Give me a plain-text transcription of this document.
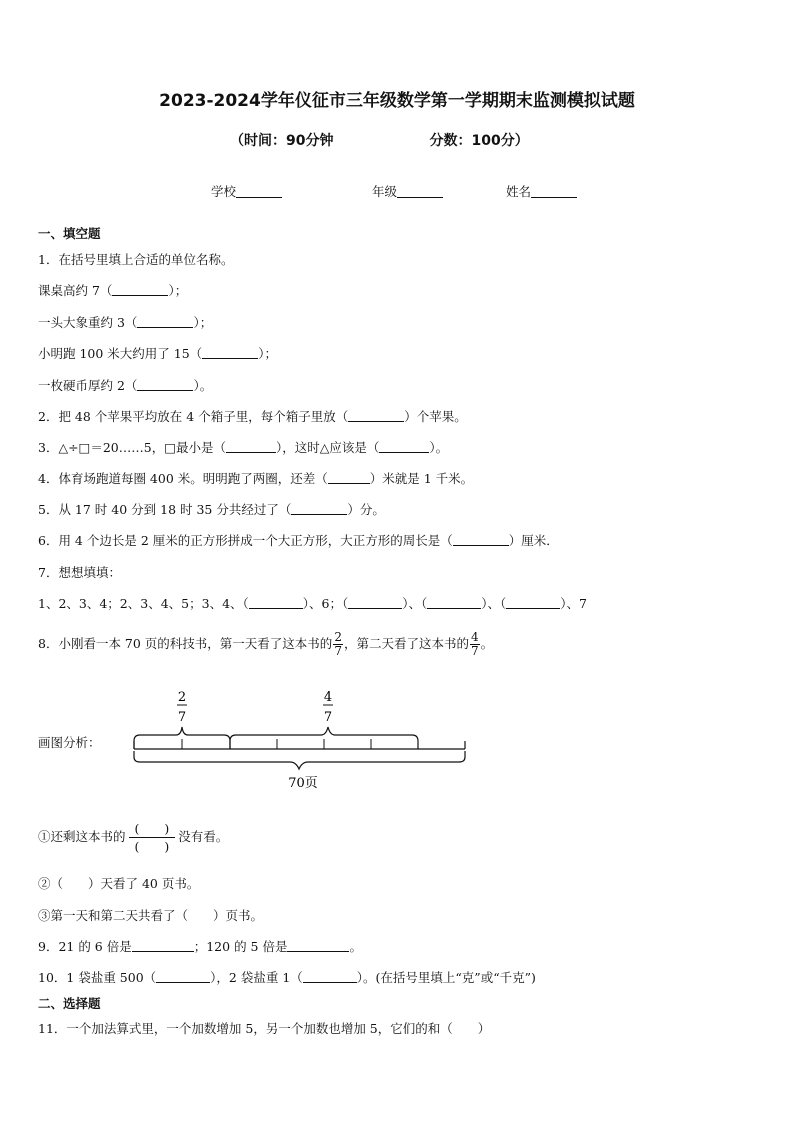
2023-2024学年仪征市三年级数学第一学期期末监测模拟试题
（时间：90分钟	分数：100分）
学校	年级	姓名
一、填空题
1．在括号里填上合适的单位名称。
课桌高约 7（	）；
一头大象重约 3（	）；
小明跑 100 米大约用了 15（	）；
一枚硬币厚约 2（	）。
2．把 48 个苹果平均放在 4 个箱子里，每个箱子里放（	）个苹果。
3．△÷□＝20……5，□最小是（	），这时△应该是（	）。
4．体育场跑道每圈 400 米。明明跑了两圈，还差（	）米就是 1 千米。
5．从 17 时 40 分到 18 时 35 分共经过了（	）分。
6．用 4 个边长是 2 厘米的正方形拼成一个大正方形，大正方形的周长是（	）厘米．
7．想想填填：
1、2、3、4；2、3、4、5；3、4、（	）、6；（	）、（	）、（	）、7
8．小刚看一本 70 页的科技书，第一天看了这本书的 $\frac{2}{7}$ ，第二天看了这本书的 $\frac{4}{7}$ 。
画图分析：
2
7
4
7
70页
①还剩这本书的
(　　)
(　　)
没有看。
②（　　）天看了 40 页书。
③第一天和第二天共看了（　　）页书。
9．21 的 6 倍是	；120 的 5 倍是	。
10．1 袋盐重 500（	），2 袋盐重 1（	）。(在括号里填上“克”或“千克”)
二、选择题
11．一个加法算式里，一个加数增加 5，另一个加数也增加 5，它们的和（　　）
